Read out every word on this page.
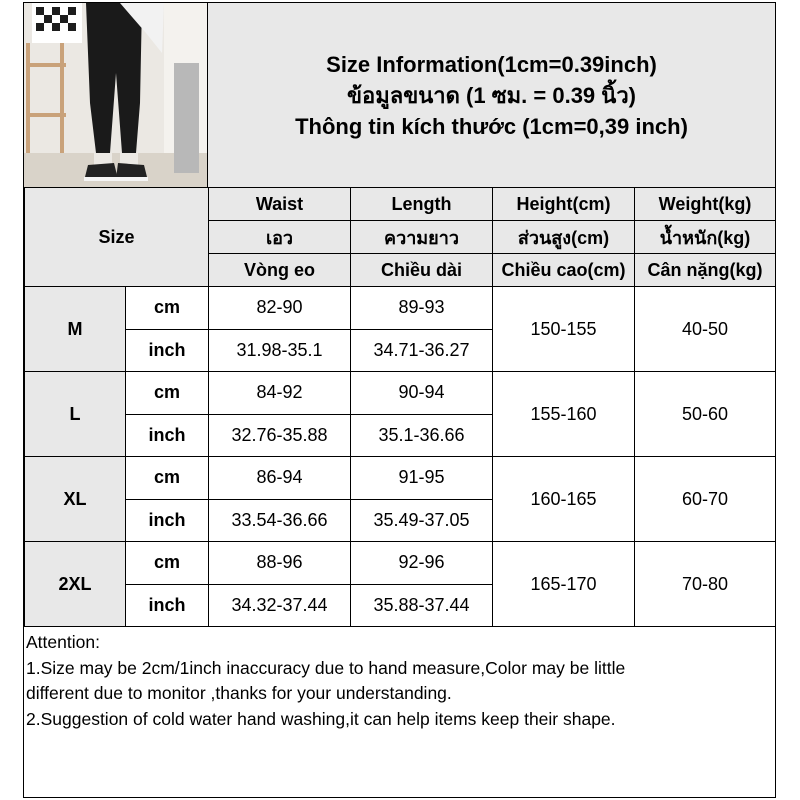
Size Information(1cm=0.39inch)
ข้อมูลขนาด (1 ซม. = 0.39 นิ้ว)
Thông tin kích thước (1cm=0,39 inch)
Size		Waist	Length	Height(cm)	Weight(kg)
		เอว	ความยาว	ส่วนสูง(cm)	น้ำหนัก(kg)
		Vòng eo	Chiều dài	Chiều cao(cm)	Cân nặng(kg)
M	cm	82-90	89-93	150-155	40-50
	inch	31.98-35.1	34.71-36.27		
L	cm	84-92	90-94	155-160	50-60
	inch	32.76-35.88	35.1-36.66		
XL	cm	86-94	91-95	160-165	60-70
	inch	33.54-36.66	35.49-37.05		
2XL	cm	88-96	92-96	165-170	70-80
	inch	34.32-37.44	35.88-37.44		
Attention:
1.Size may be 2cm/1inch inaccuracy due to hand measure,Color may be little
different due to monitor ,thanks for your understanding.
2.Suggestion of cold water hand washing,it can help items keep their shape.
